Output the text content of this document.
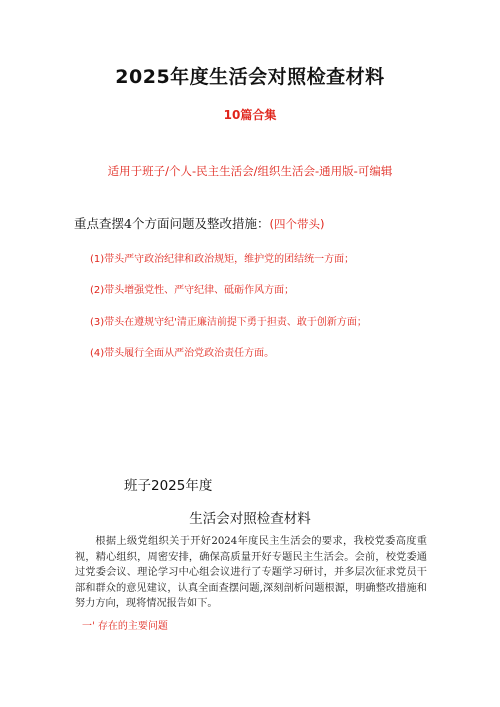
2025年度生活会对照检查材料
10篇合集
适用于班子/个人-民主生活会/组织生活会-通用版-可编辑
重点查摆4个方面问题及整改措施：(四个带头)
(1)带头严守政治纪律和政治规矩，维护党的团结统一方面；
(2)带头增强党性、严守纪律、砥砺作风方面；
(3)带头在遵规守纪'清正廉洁前提下勇于担责、敢于创新方面；
(4)带头履行全面从严治党政治责任方面。
班子2025年度
生活会对照检查材料
根据上级党组织关于开好2024年度民主生活会的要求，我校党委高度重视，精心组织，周密安排，确保高质量开好专题民主生活会。会前，校党委通过党委会议、理论学习中心组会议进行了专题学习研讨，并多层次征求党员干部和群众的意见建议，认真全面查摆问题,深刻剖析问题根源，明确整改措施和努力方向，现将情况报告如下。
一' 存在的主要问题
